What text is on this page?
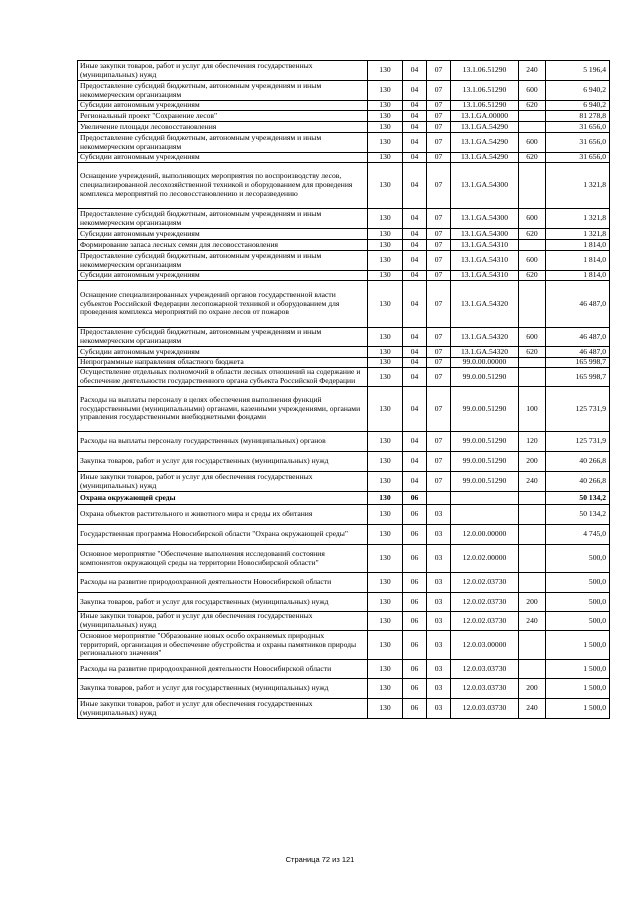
Иные закупки товаров, работ и услуг для обеспечения государственных (муниципальных) нужд	130	04	07	13.1.06.51290	240	5 196,4
Предоставление субсидий бюджетным, автономным учреждениям и иным некоммерческим организациям	130	04	07	13.1.06.51290	600	6 940,2
Субсидии автономным учреждениям	130	04	07	13.1.06.51290	620	6 940,2
Региональный проект "Сохранение лесов"	130	04	07	13.1.GA.00000		81 278,8
Увеличение площади лесовосстановления	130	04	07	13.1.GA.54290		31 656,0
Предоставление субсидий бюджетным, автономным учреждениям и иным некоммерческим организациям	130	04	07	13.1.GA.54290	600	31 656,0
Субсидии автономным учреждениям	130	04	07	13.1.GA.54290	620	31 656,0
Оснащение учреждений, выполняющих мероприятия по воспроизводству лесов, специализированной лесохозяйственной техникой и оборудованием для проведения комплекса мероприятий по лесовосстановлению и лесоразведению	130	04	07	13.1.GA.54300		1 321,8
Предоставление субсидий бюджетным, автономным учреждениям и иным некоммерческим организациям	130	04	07	13.1.GA.54300	600	1 321,8
Субсидии автономным учреждениям	130	04	07	13.1.GA.54300	620	1 321,8
Формирование запаса лесных семян для лесовосстановления	130	04	07	13.1.GA.54310		1 814,0
Предоставление субсидий бюджетным, автономным учреждениям и иным некоммерческим организациям	130	04	07	13.1.GA.54310	600	1 814,0
Субсидии автономным учреждениям	130	04	07	13.1.GA.54310	620	1 814,0
Оснащение специализированных учреждений органов государственной власти субъектов Российской Федерации лесопожарной техникой и оборудованием для проведения комплекса мероприятий по охране лесов от пожаров	130	04	07	13.1.GA.54320		46 487,0
Предоставление субсидий бюджетным, автономным учреждениям и иным некоммерческим организациям	130	04	07	13.1.GA.54320	600	46 487,0
Субсидии автономным учреждениям	130	04	07	13.1.GA.54320	620	46 487,0
Непрограммные направления областного бюджета	130	04	07	99.0.00.00000		165 998,7
Осуществление отдельных полномочий в области лесных отношений на содержание и обеспечение деятельности государственного органа субъекта Российской Федерации	130	04	07	99.0.00.51290		165 998,7
Расходы на выплаты персоналу в целях обеспечения выполнения функций государственными (муниципальными) органами, казенными учреждениями, органами управления государственными внебюджетными фондами	130	04	07	99.0.00.51290	100	125 731,9
Расходы на выплаты персоналу государственных (муниципальных) органов	130	04	07	99.0.00.51290	120	125 731,9
Закупка товаров, работ и услуг для государственных (муниципальных) нужд	130	04	07	99.0.00.51290	200	40 266,8
Иные закупки товаров, работ и услуг для обеспечения государственных (муниципальных) нужд	130	04	07	99.0.00.51290	240	40 266,8
Охрана окружающей среды	130	06				50 134,2
Охрана объектов растительного и животного мира и среды их обитания	130	06	03			50 134,2
Государственная программа Новосибирской области "Охрана окружающей среды"	130	06	03	12.0.00.00000		4 745,0
Основное мероприятие "Обеспечение выполнения исследований состояния компонентов окружающей среды на территории Новосибирской области"	130	06	03	12.0.02.00000		500,0
Расходы на развитие природоохранной деятельности Новосибирской области	130	06	03	12.0.02.03730		500,0
Закупка товаров, работ и услуг для государственных (муниципальных) нужд	130	06	03	12.0.02.03730	200	500,0
Иные закупки товаров, работ и услуг для обеспечения государственных (муниципальных) нужд	130	06	03	12.0.02.03730	240	500,0
Основное мероприятие "Образование новых особо охраняемых природных территорий, организация и обеспечение обустройства и охраны памятников природы регионального значения"	130	06	03	12.0.03.00000		1 500,0
Расходы на развитие природоохранной деятельности Новосибирской области	130	06	03	12.0.03.03730		1 500,0
Закупка товаров, работ и услуг для государственных (муниципальных) нужд	130	06	03	12.0.03.03730	200	1 500,0
Иные закупки товаров, работ и услуг для обеспечения государственных (муниципальных) нужд	130	06	03	12.0.03.03730	240	1 500,0
Страница 72 из 121
